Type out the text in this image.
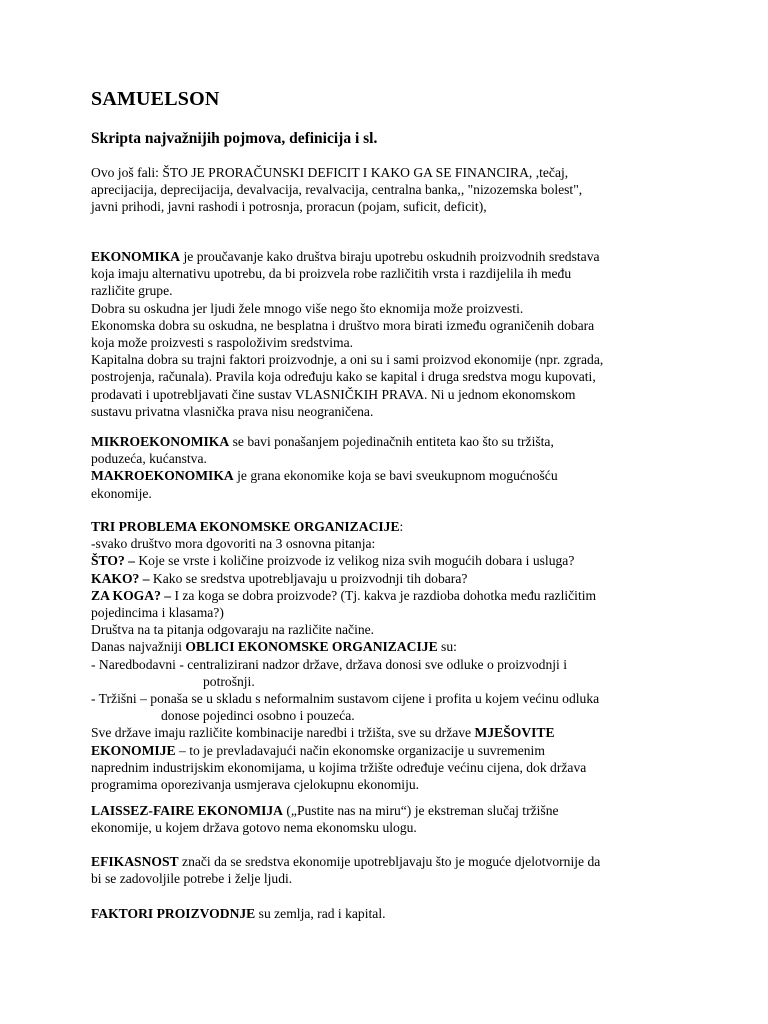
SAMUELSON
Skripta najvažnijih pojmova, definicija i sl.
Ovo još fali: ŠTO JE PRORAČUNSKI DEFICIT I KAKO GA SE FINANCIRA, ,tečaj,
aprecijacija, deprecijacija, devalvacija, revalvacija, centralna banka,, "nizozemska bolest",
javni prihodi, javni rashodi i potrosnja, proracun (pojam, suficit, deficit),
EKONOMIKA je proučavanje kako društva biraju upotrebu oskudnih proizvodnih sredstava
koja imaju alternativu upotrebu, da bi proizvela robe različitih vrsta i razdijelila ih među
različite grupe.
Dobra su oskudna jer ljudi žele mnogo više nego što eknomija može proizvesti.
Ekonomska dobra su oskudna, ne besplatna i društvo mora birati između ograničenih dobara
koja može proizvesti s raspoloživim sredstvima.
Kapitalna dobra su trajni faktori proizvodnje, a oni su i sami proizvod ekonomije (npr. zgrada,
postrojenja, računala). Pravila koja određuju kako se kapital i druga sredstva mogu kupovati,
prodavati i upotrebljavati čine sustav VLASNIČKIH PRAVA. Ni u jednom ekonomskom
sustavu privatna vlasnička prava nisu neograničena.
MIKROEKONOMIKA se bavi ponašanjem pojedinačnih entiteta kao što su tržišta,
poduzeća, kućanstva.
MAKROEKONOMIKA je grana ekonomike koja se bavi sveukupnom mogućnošću
ekonomije.
TRI PROBLEMA EKONOMSKE ORGANIZACIJE:
-svako društvo mora dgovoriti na 3 osnovna pitanja:
ŠTO? – Koje se vrste i količine proizvode iz velikog niza svih mogućih dobara i usluga?
KAKO? – Kako se sredstva upotrebljavaju u proizvodnji tih dobara?
ZA KOGA? – I za koga se dobra proizvode? (Tj. kakva je razdioba dohotka među različitim
pojedincima i klasama?)
Društva na ta pitanja odgovaraju na različite načine.
Danas najvažniji OBLICI EKONOMSKE ORGANIZACIJE su:
- Naredbodavni - centralizirani nadzor države, država donosi sve odluke o proizvodnji i
potrošnji.
- Tržišni – ponaša se u skladu s neformalnim sustavom cijene i profita u kojem većinu odluka
donose pojedinci osobno i pouzeća.
Sve države imaju različite kombinacije naredbi i tržišta, sve su države MJEŠOVITE
EKONOMIJE – to je prevladavajući način ekonomske organizacije u suvremenim
naprednim industrijskim ekonomijama, u kojima tržište određuje većinu cijena, dok država
programima oporezivanja usmjerava cjelokupnu ekonomiju.
LAISSEZ-FAIRE EKONOMIJA („Pustite nas na miru“) je ekstreman slučaj tržišne
ekonomije, u kojem država gotovo nema ekonomsku ulogu.
EFIKASNOST znači da se sredstva ekonomije upotrebljavaju što je moguće djelotvornije da
bi se zadovoljile potrebe i želje ljudi.
FAKTORI PROIZVODNJE su zemlja, rad i kapital.
